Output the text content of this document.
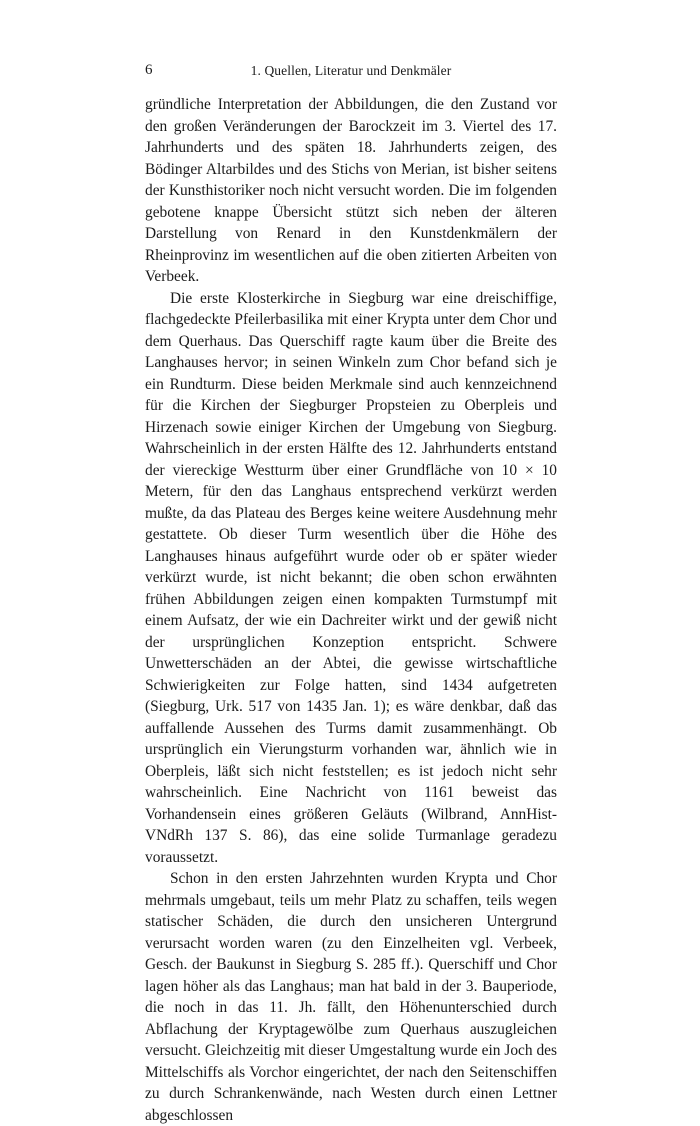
6	1. Quellen, Literatur und Denkmäler

gründliche Interpretation der Abbildungen, die den Zustand vor den großen Veränderungen der Barockzeit im 3. Viertel des 17. Jahrhunderts und des späten 18. Jahrhunderts zeigen, des Bödinger Altarbildes und des Stichs von Merian, ist bisher seitens der Kunsthistoriker noch nicht versucht worden. Die im folgenden gebotene knappe Übersicht stützt sich neben der älteren Darstellung von Renard in den Kunstdenkmälern der Rheinprovinz im wesentlichen auf die oben zitierten Arbeiten von Verbeek.

Die erste Klosterkirche in Siegburg war eine dreischiffige, flachgedeckte Pfeilerbasilika mit einer Krypta unter dem Chor und dem Querhaus. Das Querschiff ragte kaum über die Breite des Langhauses hervor; in seinen Winkeln zum Chor befand sich je ein Rundturm. Diese beiden Merkmale sind auch kennzeichnend für die Kirchen der Siegburger Propsteien zu Oberpleis und Hirzenach sowie einiger Kirchen der Umgebung von Siegburg. Wahrscheinlich in der ersten Hälfte des 12. Jahrhunderts entstand der viereckige Westturm über einer Grundfläche von 10 × 10 Metern, für den das Langhaus entsprechend verkürzt werden mußte, da das Plateau des Berges keine weitere Ausdehnung mehr gestattete. Ob dieser Turm wesentlich über die Höhe des Langhauses hinaus aufgeführt wurde oder ob er später wieder verkürzt wurde, ist nicht bekannt; die oben schon erwähnten frühen Abbildungen zeigen einen kompakten Turmstumpf mit einem Aufsatz, der wie ein Dachreiter wirkt und der gewiß nicht der ursprünglichen Konzeption entspricht. Schwere Unwetterschäden an der Abtei, die gewisse wirtschaftliche Schwierigkeiten zur Folge hatten, sind 1434 aufgetreten (Siegburg, Urk. 517 von 1435 Jan. 1); es wäre denkbar, daß das auffallende Aussehen des Turms damit zusammenhängt. Ob ursprünglich ein Vierungsturm vorhanden war, ähnlich wie in Oberpleis, läßt sich nicht feststellen; es ist jedoch nicht sehr wahrscheinlich. Eine Nachricht von 1161 beweist das Vorhandensein eines größeren Geläuts (Wilbrand, AnnHist-VNdRh 137 S. 86), das eine solide Turmanlage geradezu voraussetzt.

Schon in den ersten Jahrzehnten wurden Krypta und Chor mehrmals umgebaut, teils um mehr Platz zu schaffen, teils wegen statischer Schäden, die durch den unsicheren Untergrund verursacht worden waren (zu den Einzelheiten vgl. Verbeek, Gesch. der Baukunst in Siegburg S. 285 ff.). Querschiff und Chor lagen höher als das Langhaus; man hat bald in der 3. Bauperiode, die noch in das 11. Jh. fällt, den Höhenunterschied durch Abflachung der Kryptagewölbe zum Querhaus auszugleichen versucht. Gleichzeitig mit dieser Umgestaltung wurde ein Joch des Mittelschiffs als Vorchor eingerichtet, der nach den Seitenschiffen zu durch Schrankenwände, nach Westen durch einen Lettner abgeschlossen
